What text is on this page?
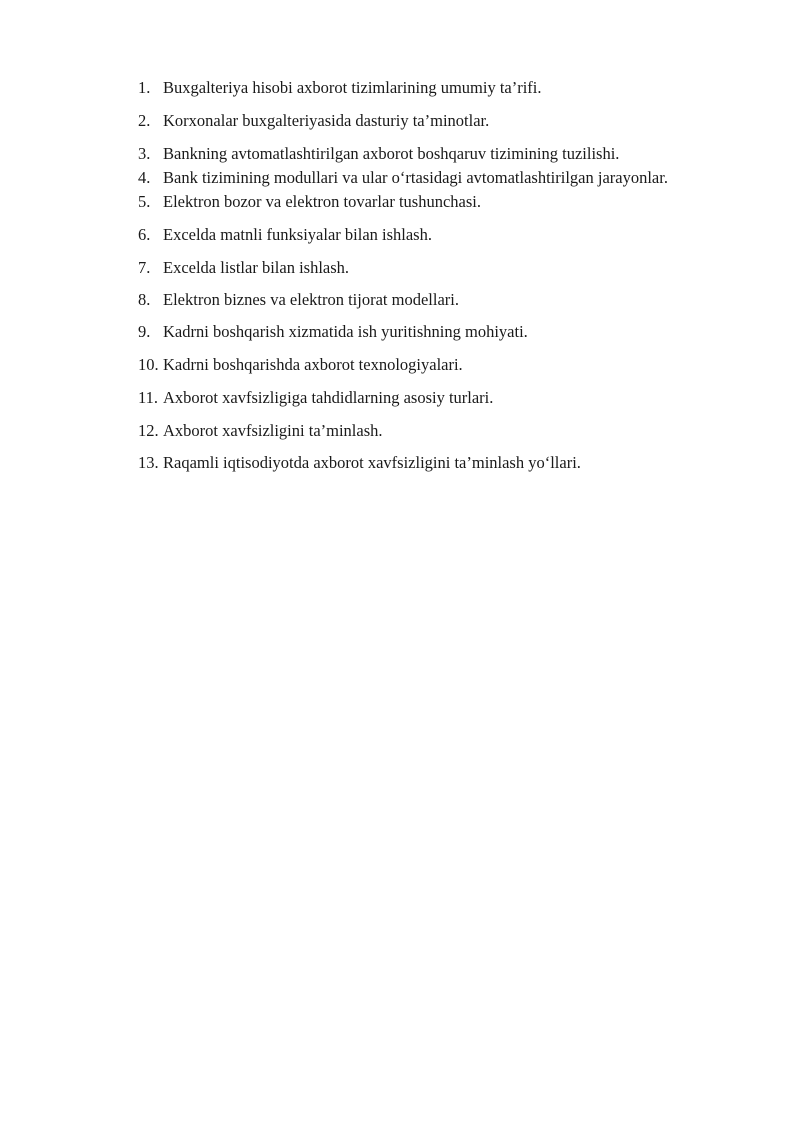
1. Buxgalteriya hisobi axborot tizimlarining umumiy ta’rifi.
2. Korxonalar buxgalteriyasida dasturiy ta’minotlar.
3. Bankning avtomatlashtirilgan axborot boshqaruv tizimining tuzilishi.
4. Bank tizimining modullari va ular o‘rtasidagi avtomatlashtirilgan jarayonlar.
5. Elektron bozor va elektron tovarlar tushunchasi.
6. Excelda matnli funksiyalar bilan ishlash.
7. Excelda listlar bilan ishlash.
8. Elektron biznes va elektron tijorat modellari.
9. Kadrni boshqarish xizmatida ish yuritishning mohiyati.
10. Kadrni boshqarishda axborot texnologiyalari.
11. Axborot xavfsizligiga tahdidlarning asosiy turlari.
12. Axborot xavfsizligini ta’minlash.
13. Raqamli iqtisodiyotda axborot xavfsizligini ta’minlash yo‘llari.
